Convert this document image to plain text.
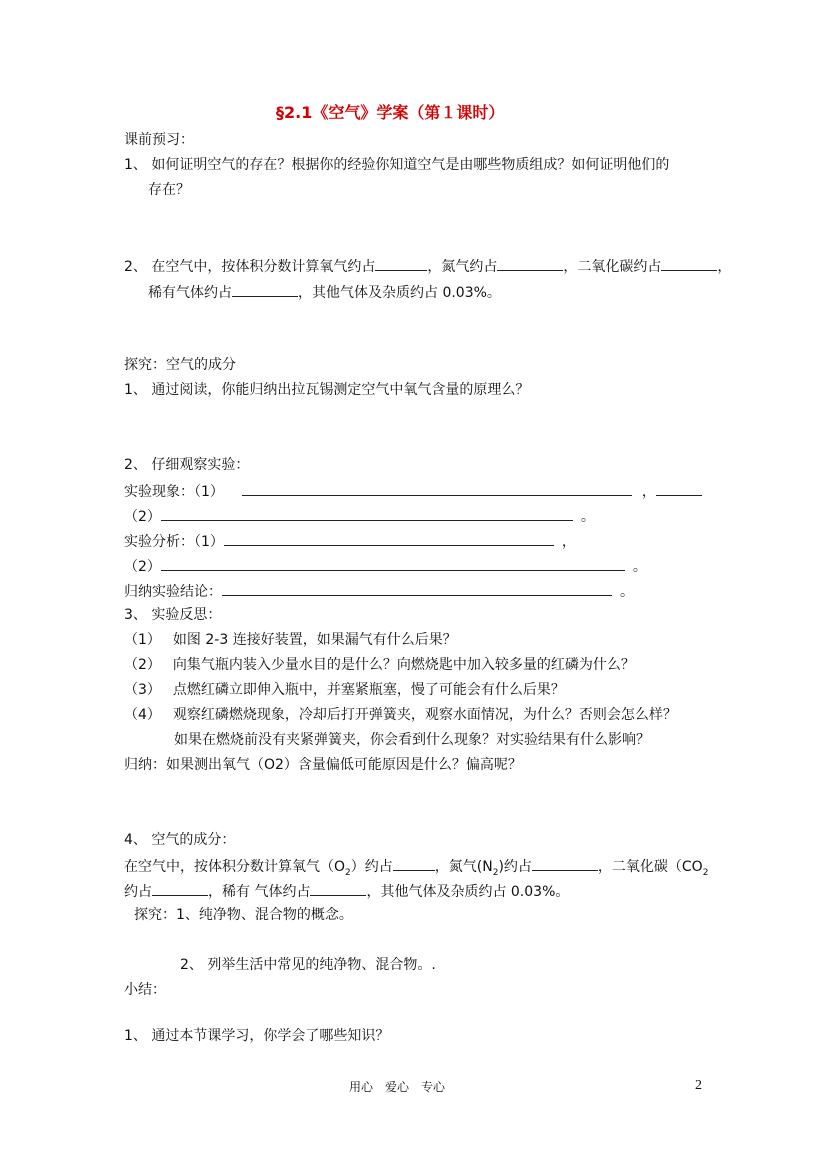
§2.1《空气》学案（第１课时）
课前预习：
1、 如何证明空气的存在？根据你的经验你知道空气是由哪些物质组成？如何证明他们的
存在？
2、 在空气中，按体积分数计算氧气约占	，氮气约占	，二氧化碳约占	，
稀有气体约占	，其他气体及杂质约占 0.03%。
探究：空气的成分
1、 通过阅读，你能归纳出拉瓦锡测定空气中氧气含量的原理么？
2、 仔细观察实验：
实验现象：（1）	，
（2）	。
实验分析：（1）	，
（2）	。
归纳实验结论：	。
3、 实验反思：
（1） 如图 2-3 连接好装置，如果漏气有什么后果？
（2） 向集气瓶内装入少量水目的是什么？向燃烧匙中加入较多量的红磷为什么？
（3） 点燃红磷立即伸入瓶中，并塞紧瓶塞，慢了可能会有什么后果？
（4） 观察红磷燃烧现象，冷却后打开弹簧夹，观察水面情况，为什么？否则会怎么样？
如果在燃烧前没有夹紧弹簧夹，你会看到什么现象？对实验结果有什么影响？
归纳：如果测出氧气（O2）含量偏低可能原因是什么？偏高呢？
4、 空气的成分：
在空气中，按体积分数计算氧气$(O_2)$约占	，氮气$(N_2)$约占	，二氧化碳（$CO_2$
约占	，稀有 气体约占	，其他气体及杂质约占 0.03%。
探究：1、纯净物、混合物的概念。
2、 列举生活中常见的纯净物、混合物。.
小结：
1、 通过本节课学习，你学会了哪些知识？
用心　爱心　专心	2
